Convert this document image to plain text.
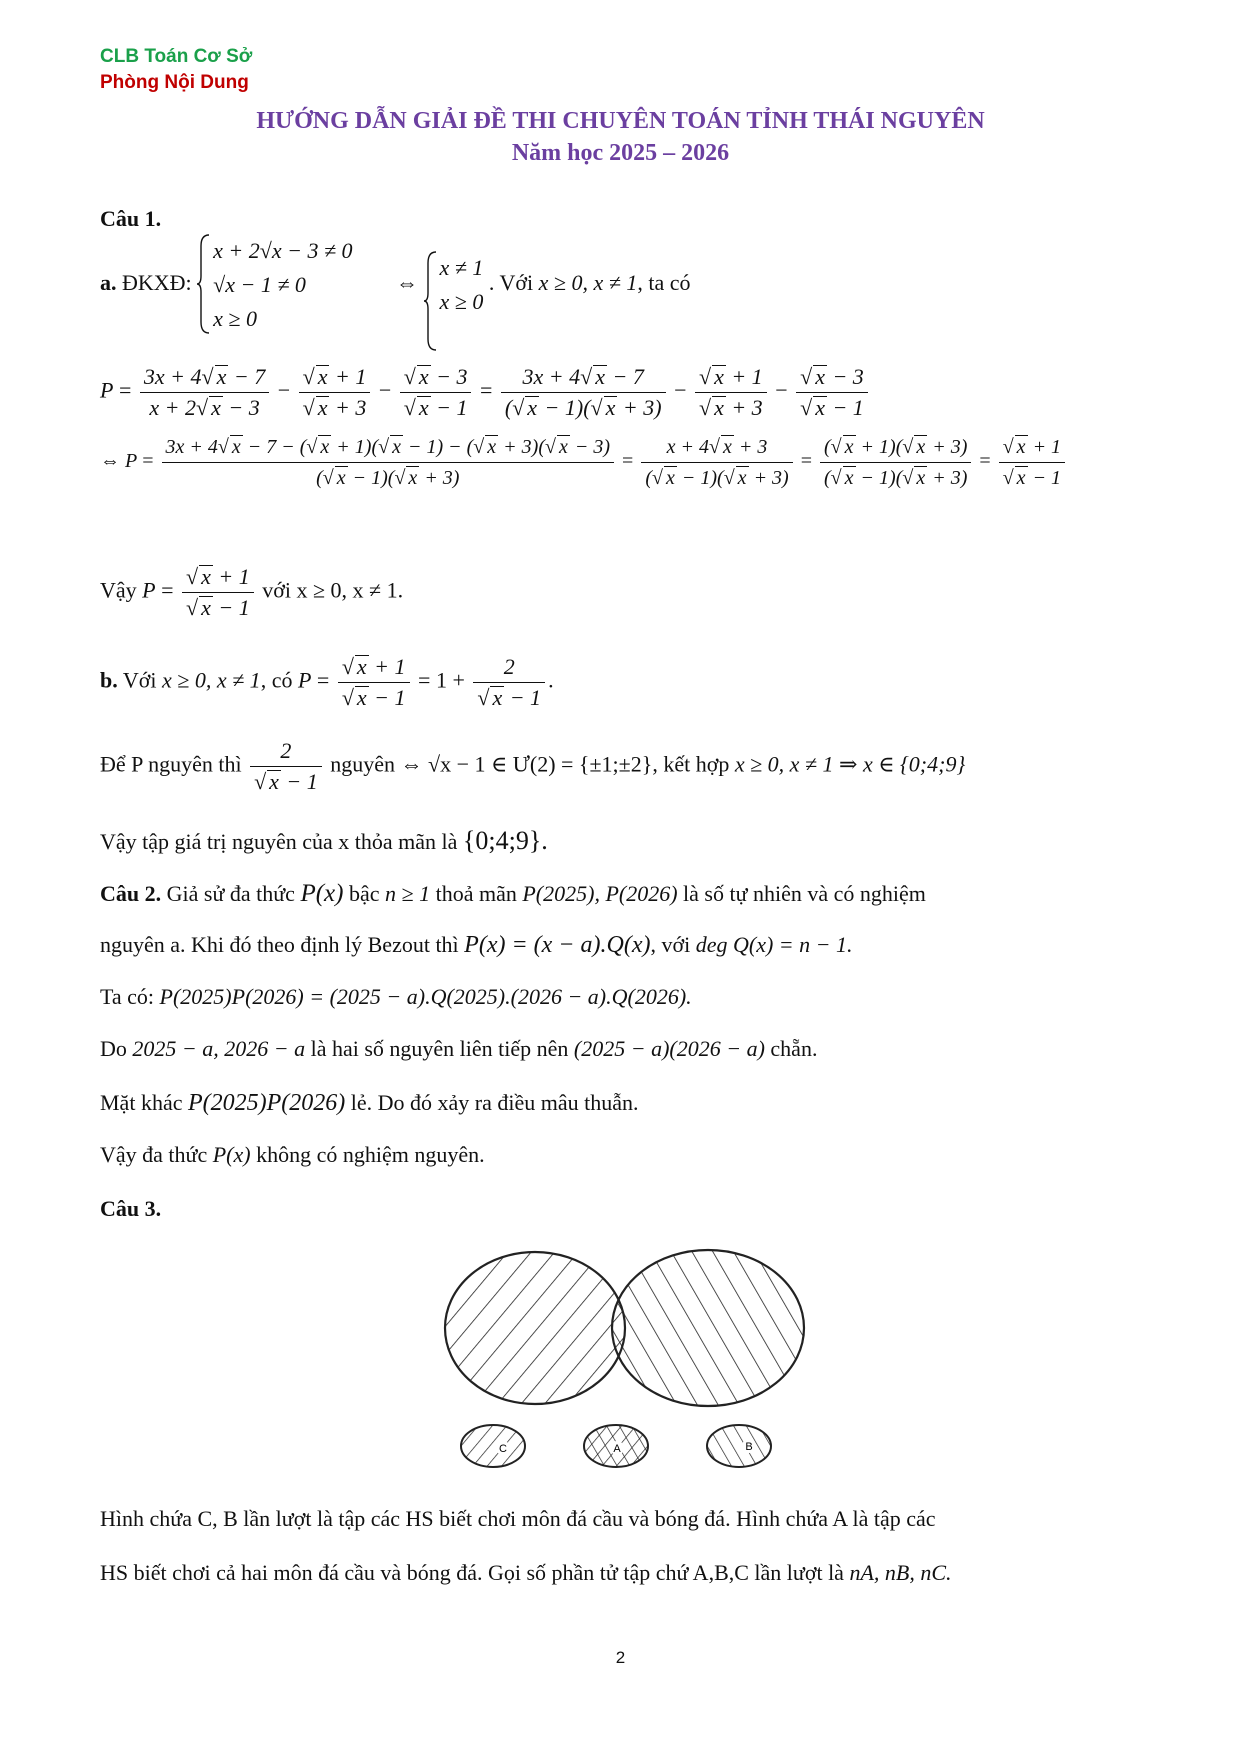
CLB Toán Cơ Sở
Phòng Nội Dung
HƯỚNG DẪN GIẢI ĐỀ THI CHUYÊN TOÁN TỈNH THÁI NGUYÊN
Năm học 2025 – 2026
Câu 1.
a. ĐKXĐ:
x + 2√x − 3 ≠ 0
√x − 1 ≠ 0
x ≥ 0
⇔
x ≠ 1
x ≥ 0
. Với x ≥ 0, x ≠ 1, ta có
$P = \frac{3x + 4√ x - 7}{x + 2√ x - 3} - \frac{√ x + 1}{√ x + 3} - \frac{√ x - 3}{√ x - 1} = \frac{3x + 4√ x - 7}{(√ x - 1)(√ x + 3)} - \frac{√ x + 1}{√ x + 3} - \frac{√ x - 3}{√ x - 1}$
⇔ $P = \frac{3x + 4√ x - 7 - (√ x + 1)(√ x - 1) - (√ x + 3)(√ x - 3)}{(√ x - 1)(√ x + 3)} = \frac{x + 4√ x + 3}{(√ x - 1)(√ x + 3)} = \frac{(√ x + 1)(√ x + 3)}{(√ x - 1)(√ x + 3)} = \frac{√ x + 1}{√ x - 1}$
Vậy $P = \frac{√ x + 1}{√ x - 1}$ với x ≥ 0, x ≠ 1.
b. Với x ≥ 0, x ≠ 1, có $P = \frac{√ x + 1}{√ x - 1} = 1 + \frac{2}{√ x - 1}$ .
Để P nguyên thì $\frac{2}{√ x - 1}$ nguyên ⇔ √x − 1 ∈ Ư(2) = {±1;±2}, kết hợp x ≥ 0, x ≠ 1 ⇒ x ∈ {0;4;9}
Vậy tập giá trị nguyên của x thỏa mãn là {0;4;9}.
Câu 2. Giả sử đa thức P(x) bậc n ≥ 1 thoả mãn P(2025), P(2026) là số tự nhiên và có nghiệm
nguyên a. Khi đó theo định lý Bezout thì P(x) = (x − a).Q(x), với deg Q(x) = n − 1.
Ta có: P(2025)P(2026) = (2025 − a).Q(2025).(2026 − a).Q(2026).
Do 2025 − a, 2026 − a là hai số nguyên liên tiếp nên (2025 − a)(2026 − a) chẵn.
Mặt khác P(2025)P(2026) lẻ. Do đó xảy ra điều mâu thuẫn.
Vậy đa thức P(x) không có nghiệm nguyên.
Câu 3.
C	A	B
Hình chứa C, B lần lượt là tập các HS biết chơi môn đá cầu và bóng đá. Hình chứa A là tập các
HS biết chơi cả hai môn đá cầu và bóng đá. Gọi số phần tử tập chứ A,B,C lần lượt là nA, nB, nC.
2
